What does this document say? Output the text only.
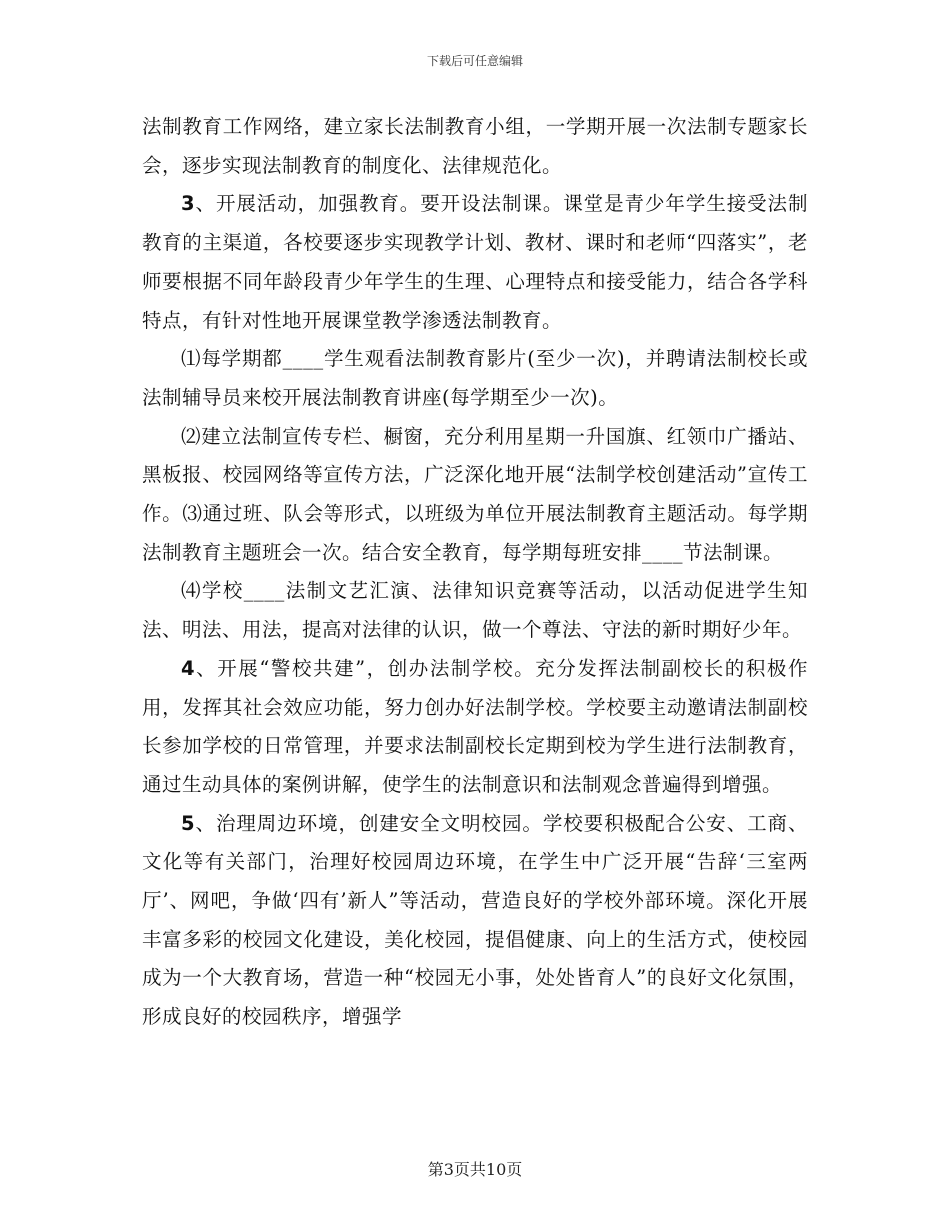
下载后可任意编辑

法制教育工作网络，建立家长法制教育小组，一学期开展一次法制专题家长会，逐步实现法制教育的制度化、法律规范化。

3、开展活动，加强教育。要开设法制课。课堂是青少年学生接受法制教育的主渠道，各校要逐步实现教学计划、教材、课时和老师“四落实”，老师要根据不同年龄段青少年学生的生理、心理特点和接受能力，结合各学科特点，有针对性地开展课堂教学渗透法制教育。

⑴每学期都____学生观看法制教育影片(至少一次)，并聘请法制校长或法制辅导员来校开展法制教育讲座(每学期至少一次)。

⑵建立法制宣传专栏、橱窗，充分利用星期一升国旗、红领巾广播站、黑板报、校园网络等宣传方法，广泛深化地开展“法制学校创建活动”宣传工作。⑶通过班、队会等形式，以班级为单位开展法制教育主题活动。每学期法制教育主题班会一次。结合安全教育，每学期每班安排____节法制课。

⑷学校____法制文艺汇演、法律知识竞赛等活动，以活动促进学生知法、明法、用法，提高对法律的认识，做一个尊法、守法的新时期好少年。

4、开展“警校共建”，创办法制学校。充分发挥法制副校长的积极作用，发挥其社会效应功能，努力创办好法制学校。学校要主动邀请法制副校长参加学校的日常管理，并要求法制副校长定期到校为学生进行法制教育，通过生动具体的案例讲解，使学生的法制意识和法制观念普遍得到增强。

5、治理周边环境，创建安全文明校园。学校要积极配合公安、工商、文化等有关部门，治理好校园周边环境，在学生中广泛开展“告辞‘三室两厅’、网吧，争做‘四有’新人”等活动，营造良好的学校外部环境。深化开展丰富多彩的校园文化建设，美化校园，提倡健康、向上的生活方式，使校园成为一个大教育场，营造一种“校园无小事，处处皆育人”的良好文化氛围，形成良好的校园秩序，增强学

第3页共10页
